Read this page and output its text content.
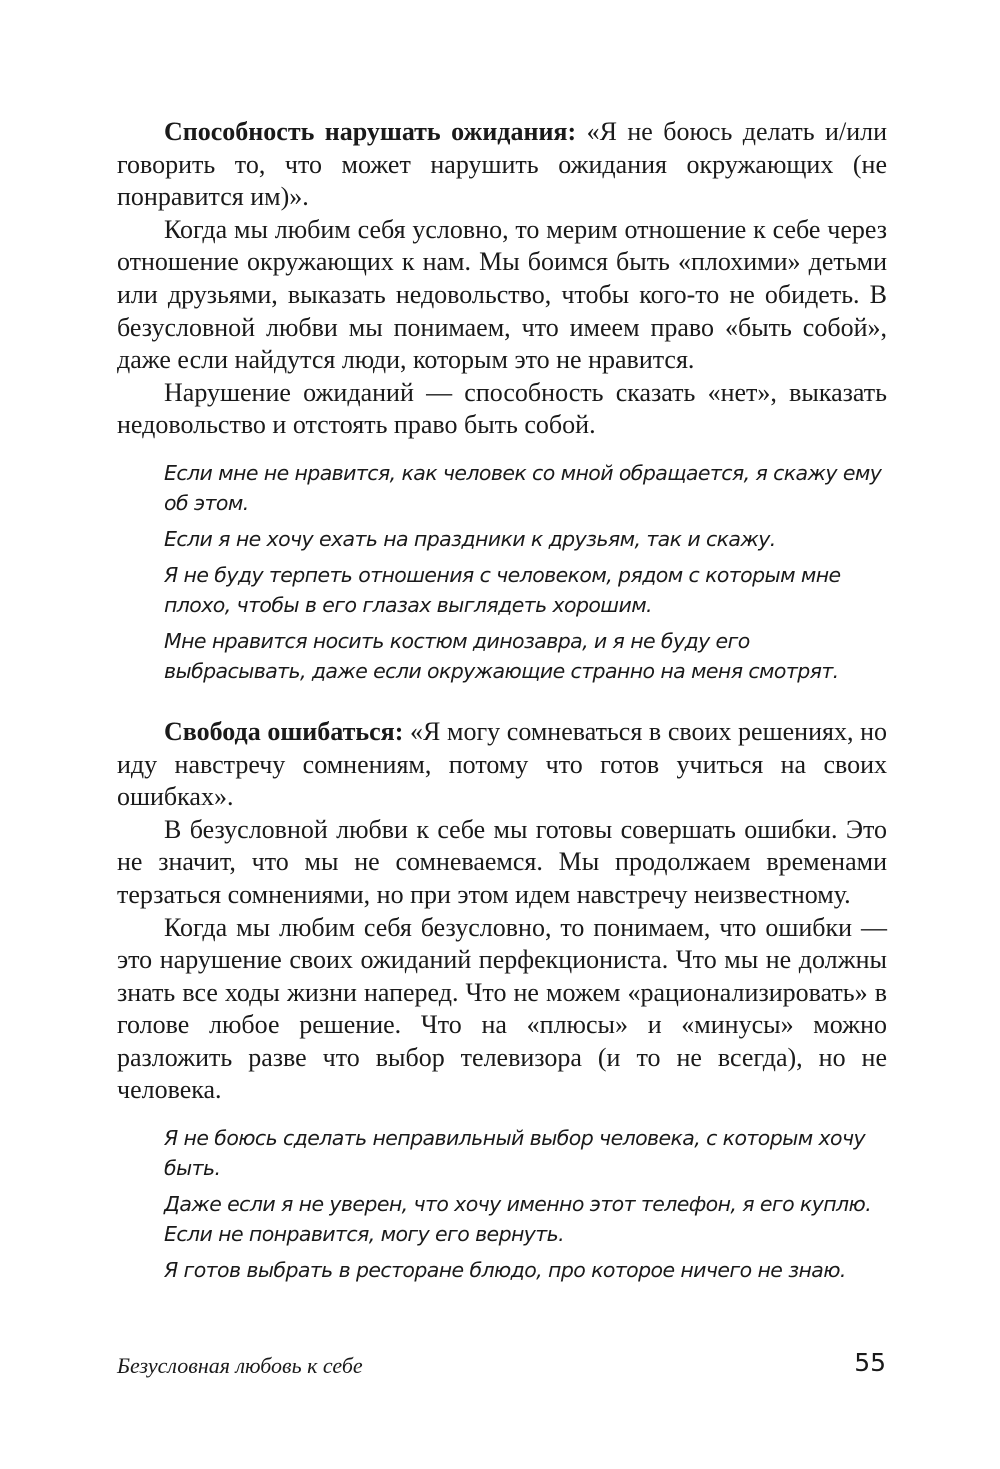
Способность нарушать ожидания: «Я не боюсь делать и/или говорить то, что может нарушить ожидания окружающих (не понравится им)».

Когда мы любим себя условно, то мерим отношение к себе через отношение окружающих к нам. Мы боимся быть «плохими» детьми или друзьями, выказать недовольство, чтобы кого-то не обидеть. В безусловной любви мы понимаем, что имеем право «быть собой», даже если найдутся люди, которым это не нравится.

Нарушение ожиданий — способность сказать «нет», выказать недовольство и отстоять право быть собой.

Если мне не нравится, как человек со мной обращается, я скажу ему об этом.

Если я не хочу ехать на праздники к друзьям, так и скажу.

Я не буду терпеть отношения с человеком, рядом с которым мне плохо, чтобы в его глазах выглядеть хорошим.

Мне нравится носить костюм динозавра, и я не буду его выбрасывать, даже если окружающие странно на меня смотрят.

Свобода ошибаться: «Я могу сомневаться в своих решениях, но иду навстречу сомнениям, потому что готов учиться на своих ошибках».

В безусловной любви к себе мы готовы совершать ошибки. Это не значит, что мы не сомневаемся. Мы продолжаем временами терзаться сомнениями, но при этом идем навстречу неизвестному.

Когда мы любим себя безусловно, то понимаем, что ошибки — это нарушение своих ожиданий перфекциониста. Что мы не должны знать все ходы жизни наперед. Что не можем «рационализировать» в голове любое решение. Что на «плюсы» и «минусы» можно разложить разве что выбор телевизора (и то не всегда), но не человека.

Я не боюсь сделать неправильный выбор человека, с которым хочу быть.

Даже если я не уверен, что хочу именно этот телефон, я его куплю. Если не понравится, могу его вернуть.

Я готов выбрать в ресторане блюдо, про которое ничего не знаю.

Безусловная любовь к себе	55
